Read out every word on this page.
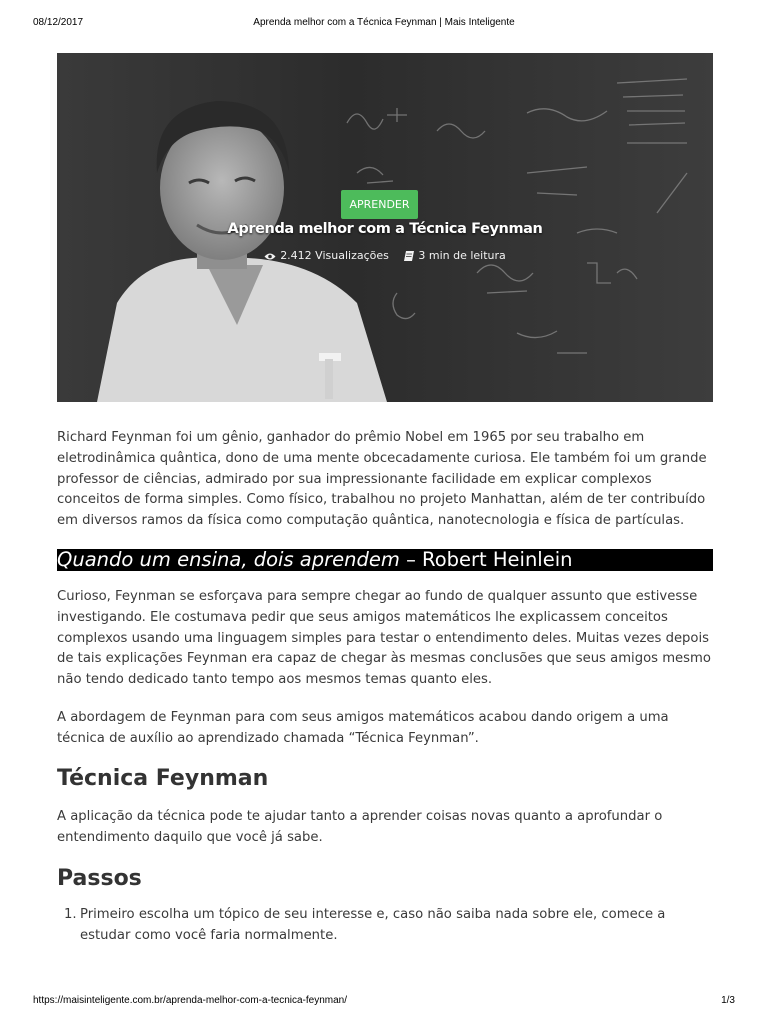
08/12/2017	Aprenda melhor com a Técnica Feynman | Mais Inteligente
APRENDER
Aprenda melhor com a Técnica Feynman
2.412 Visualizações	3 min de leitura

Richard Feynman foi um gênio, ganhador do prêmio Nobel em 1965 por seu trabalho em eletrodinâmica quântica, dono de uma mente obcecadamente curiosa. Ele também foi um grande professor de ciências, admirado por sua impressionante facilidade em explicar complexos conceitos de forma simples. Como físico, trabalhou no projeto Manhattan, além de ter contribuído em diversos ramos da física como computação quântica, nanotecnologia e física de partículas.

Quando um ensina, dois aprendem – Robert Heinlein

Curioso, Feynman se esforçava para sempre chegar ao fundo de qualquer assunto que estivesse investigando. Ele costumava pedir que seus amigos matemáticos lhe explicassem conceitos complexos usando uma linguagem simples para testar o entendimento deles. Muitas vezes depois de tais explicações Feynman era capaz de chegar às mesmas conclusões que seus amigos mesmo não tendo dedicado tanto tempo aos mesmos temas quanto eles.

A abordagem de Feynman para com seus amigos matemáticos acabou dando origem a uma técnica de auxílio ao aprendizado chamada “Técnica Feynman”.

Técnica Feynman

A aplicação da técnica pode te ajudar tanto a aprender coisas novas quanto a aprofundar o entendimento daquilo que você já sabe.

Passos
1. Primeiro escolha um tópico de seu interesse e, caso não saiba nada sobre ele, comece a estudar como você faria normalmente.
https://maisinteligente.com.br/aprenda-melhor-com-a-tecnica-feynman/	1/3
